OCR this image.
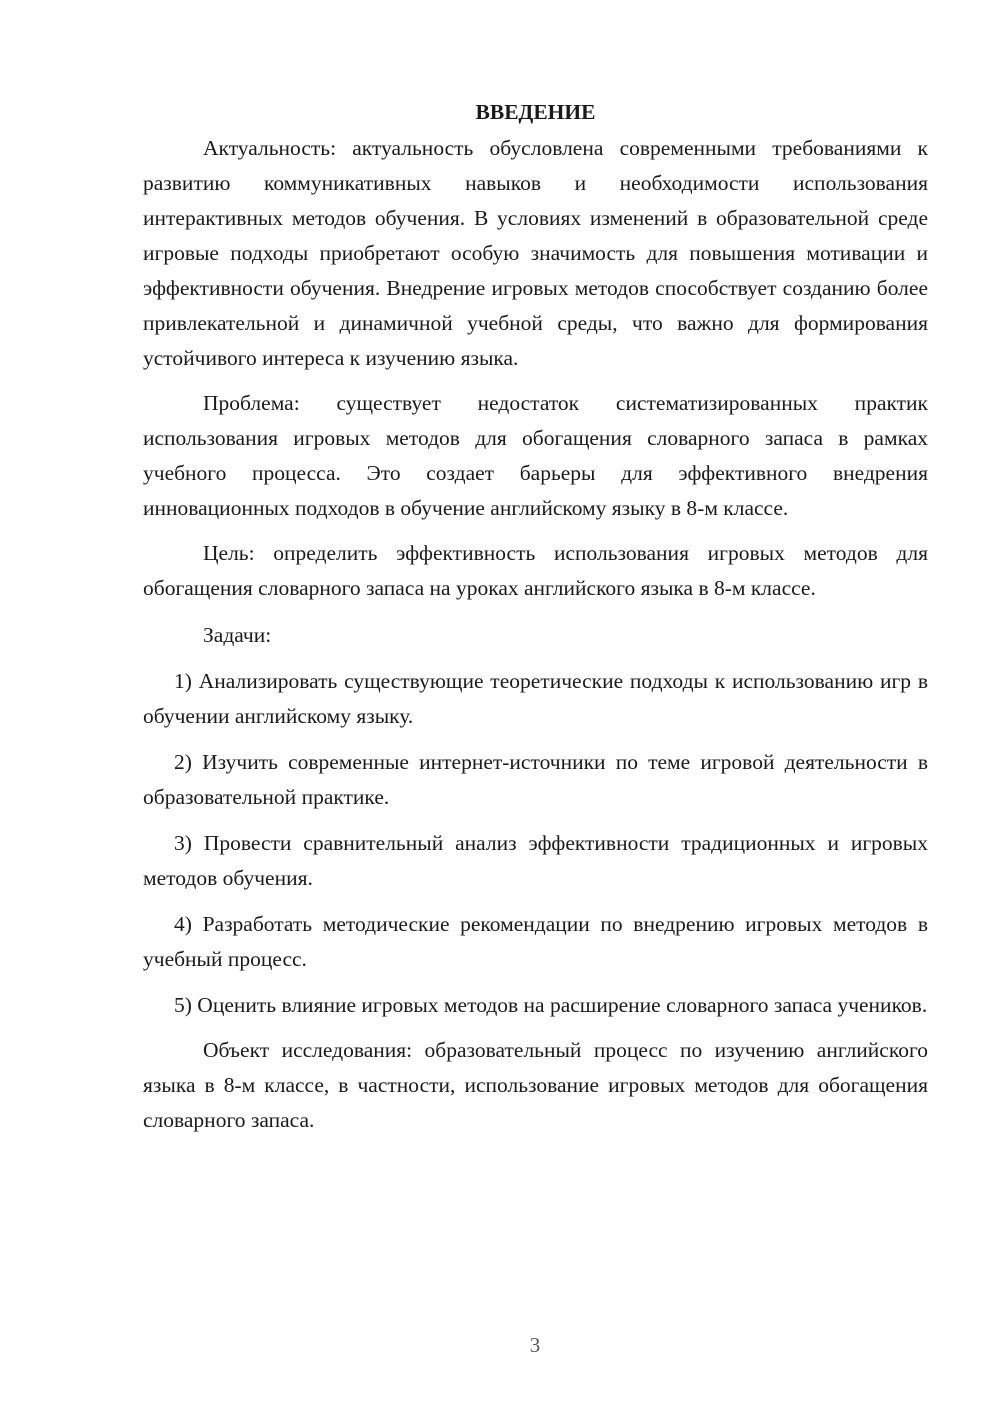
ВВЕДЕНИЕ

Актуальность: актуальность обусловлена современными требованиями к развитию коммуникативных навыков и необходимости использования интерактивных методов обучения. В условиях изменений в образовательной среде игровые подходы приобретают особую значимость для повышения мотивации и эффективности обучения. Внедрение игровых методов способствует созданию более привлекательной и динамичной учебной среды, что важно для формирования устойчивого интереса к изучению языка.

Проблема: существует недостаток систематизированных практик использования игровых методов для обогащения словарного запаса в рамках учебного процесса. Это создает барьеры для эффективного внедрения инновационных подходов в обучение английскому языку в 8-м классе.

Цель: определить эффективность использования игровых методов для обогащения словарного запаса на уроках английского языка в 8-м классе.

Задачи:

1) Анализировать существующие теоретические подходы к использованию игр в обучении английскому языку.

2) Изучить современные интернет-источники по теме игровой деятельности в образовательной практике.

3) Провести сравнительный анализ эффективности традиционных и игровых методов обучения.

4) Разработать методические рекомендации по внедрению игровых методов в учебный процесс.

5) Оценить влияние игровых методов на расширение словарного запаса учеников.

Объект исследования: образовательный процесс по изучению английского языка в 8-м классе, в частности, использование игровых методов для обогащения словарного запаса.

3
